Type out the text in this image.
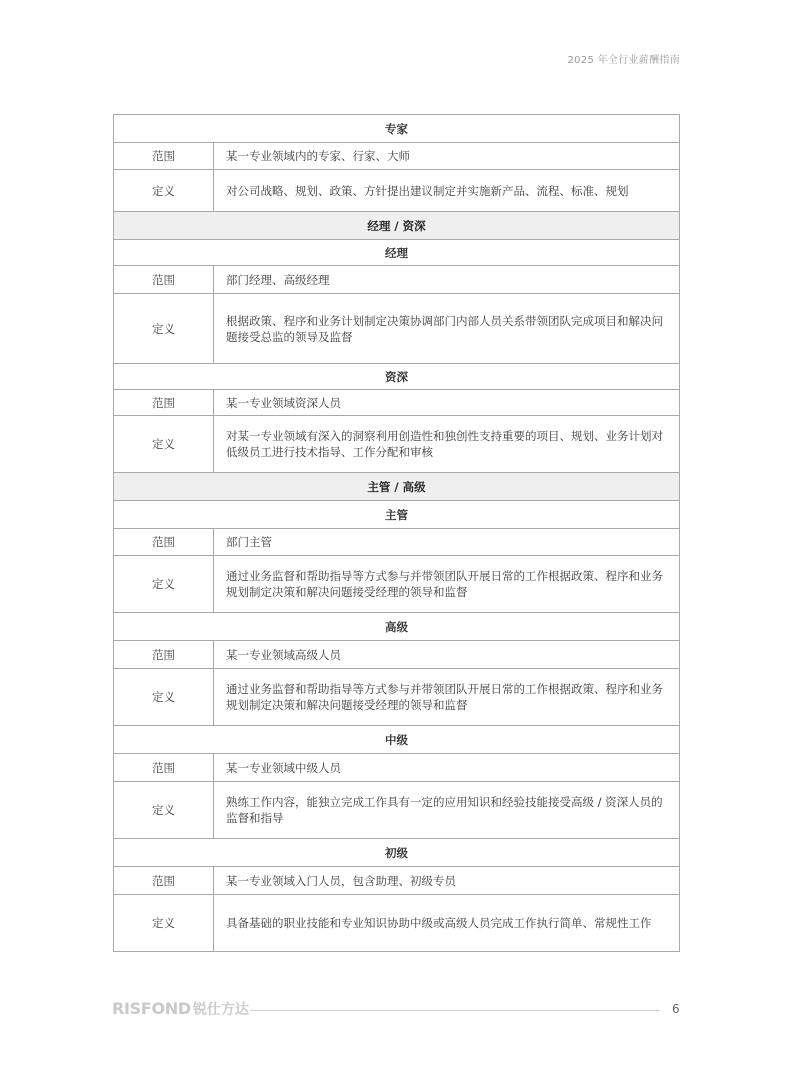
2025 年全行业薪酬指南
专家	
范围	某一专业领域内的专家、行家、大师
定义	对公司战略、规划、政策、方针提出建议制定并实施新产品、流程、标准、规划
经理 / 资深	
经理	
范围	部门经理、高级经理
定义	根据政策、程序和业务计划制定决策协调部门内部人员关系带领团队完成项目和解决问题接受总监的领导及监督
资深	
范围	某一专业领域资深人员
定义	对某一专业领域有深入的洞察利用创造性和独创性支持重要的项目、规划、业务计划对低级员工进行技术指导、工作分配和审核
主管 / 高级	
主管	
范围	部门主管
定义	通过业务监督和帮助指导等方式参与并带领团队开展日常的工作根据政策、程序和业务规划制定决策和解决问题接受经理的领导和监督
高级	
范围	某一专业领域高级人员
定义	通过业务监督和帮助指导等方式参与并带领团队开展日常的工作根据政策、程序和业务规划制定决策和解决问题接受经理的领导和监督
中级	
范围	某一专业领域中级人员
定义	熟练工作内容，能独立完成工作具有一定的应用知识和经验技能接受高级 / 资深人员的监督和指导
初级	
范围	某一专业领域入门人员，包含助理、初级专员
定义	具备基础的职业技能和专业知识协助中级或高级人员完成工作执行简单、常规性工作
RISFOND 锐仕方达	6
